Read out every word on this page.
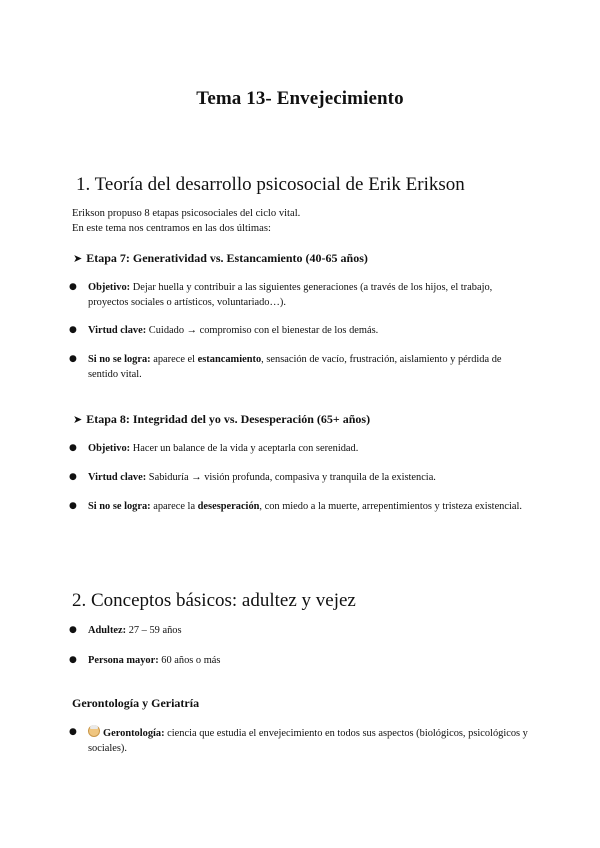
Tema 13- Envejecimiento
1. Teoría del desarrollo psicosocial de Erik Erikson
Erikson propuso 8 etapas psicosociales del ciclo vital.
En este tema nos centramos en las dos últimas:
➤ Etapa 7: Generatividad vs. Estancamiento (40-65 años)
● Objetivo: Dejar huella y contribuir a las siguientes generaciones (a través de los hijos, el trabajo, proyectos sociales o artísticos, voluntariado…).
● Virtud clave: Cuidado → compromiso con el bienestar de los demás.
● Si no se logra: aparece el estancamiento, sensación de vacío, frustración, aislamiento y pérdida de sentido vital.
➤ Etapa 8: Integridad del yo vs. Desesperación (65+ años)
● Objetivo: Hacer un balance de la vida y aceptarla con serenidad.
● Virtud clave: Sabiduría → visión profunda, compasiva y tranquila de la existencia.
● Si no se logra: aparece la desesperación, con miedo a la muerte, arrepentimientos y tristeza existencial.
2. Conceptos básicos: adultez y vejez
● Adultez: 27 – 59 años
● Persona mayor: 60 años o más
Gerontología y Geriatría
●	Gerontología: ciencia que estudia el envejecimiento en todos sus aspectos (biológicos, psicológicos y sociales).
